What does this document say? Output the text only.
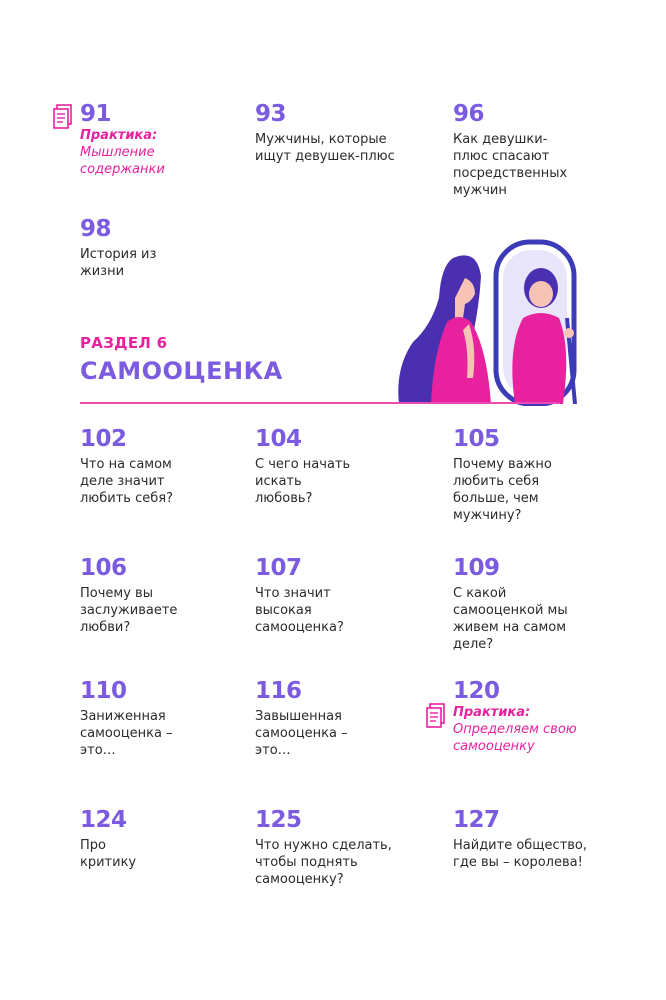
91
Практика:
Мышление
содержанки
93
Мужчины, которые
ищут девушек-плюс
96
Как девушки-
плюс спасают
посредственных
мужчин
98
История из
жизни
РАЗДЕЛ 6
САМООЦЕНКА
102
Что на самом
деле значит
любить себя?
104
С чего начать
искать
любовь?
105
Почему важно
любить себя
больше, чем
мужчину?
106
Почему вы
заслуживаете
любви?
107
Что значит
высокая
самооценка?
109
С какой
самооценкой мы
живем на самом
деле?
110
Заниженная
самооценка –
это…
116
Завышенная
самооценка –
это…
120
Практика:
Определяем свою
самооценку
124
Про
критику
125
Что нужно сделать,
чтобы поднять
самооценку?
127
Найдите общество,
где вы – королева!
